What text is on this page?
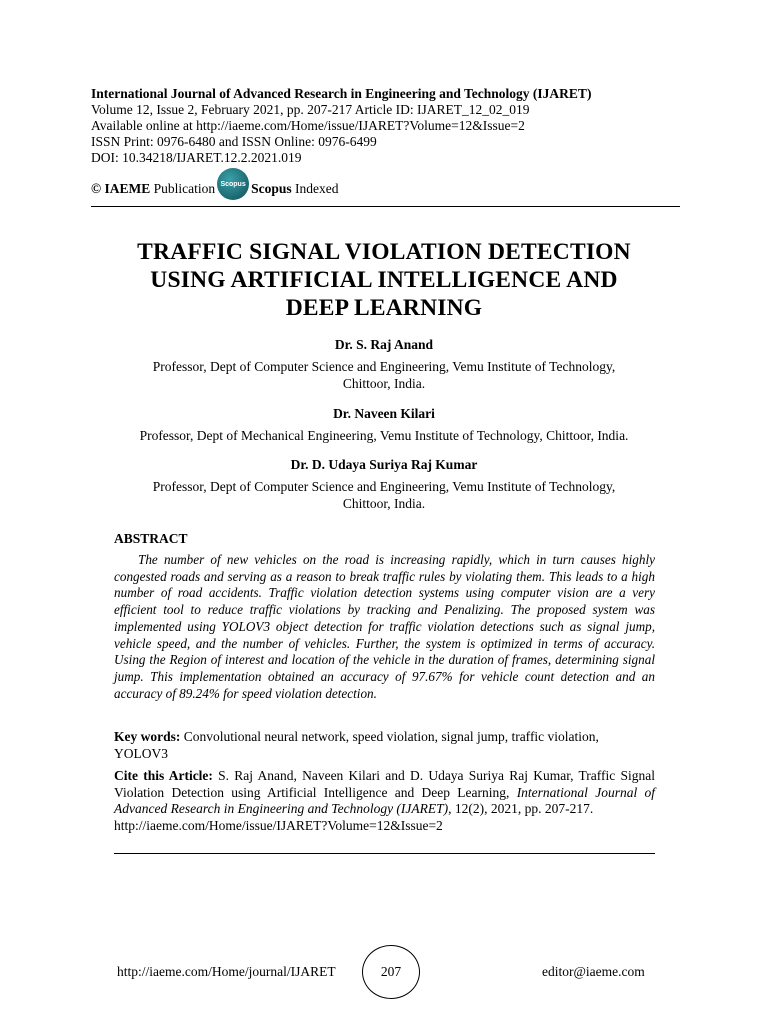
International Journal of Advanced Research in Engineering and Technology (IJARET)
Volume 12, Issue 2, February 2021, pp. 207-217 Article ID: IJARET_12_02_019
Available online at http://iaeme.com/Home/issue/IJARET?Volume=12&Issue=2
ISSN Print: 0976-6480 and ISSN Online: 0976-6499
DOI: 10.34218/IJARET.12.2.2021.019
© IAEME
Publication Scopus Scopus
Indexed
TRAFFIC SIGNAL VIOLATION DETECTION
USING ARTIFICIAL INTELLIGENCE AND
DEEP LEARNING
Dr. S. Raj Anand
Professor, Dept of Computer Science and Engineering, Vemu Institute of Technology,
Chittoor, India.
Dr. Naveen Kilari
Professor, Dept of Mechanical Engineering, Vemu Institute of Technology, Chittoor, India.
Dr. D. Udaya Suriya Raj Kumar
Professor, Dept of Computer Science and Engineering, Vemu Institute of Technology,
Chittoor, India.
ABSTRACT
The number of new vehicles on the road is increasing rapidly, which in turn causes highly congested roads and serving as a reason to break traffic rules by violating them. This leads to a high number of road accidents. Traffic violation detection systems using computer vision are a very efficient tool to reduce traffic violations by tracking and Penalizing. The proposed system was implemented using YOLOV3 object detection for traffic violation detections such as signal jump, vehicle speed, and the number of vehicles. Further, the system is optimized in terms of accuracy. Using the Region of interest and location of the vehicle in the duration of frames, determining signal jump. This implementation obtained an accuracy of 97.67% for vehicle count detection and an accuracy of 89.24% for speed violation detection.
Key words: Convolutional neural network, speed violation, signal jump, traffic violation, YOLOV3
Cite this Article: S. Raj Anand, Naveen Kilari and D. Udaya Suriya Raj Kumar, Traffic Signal Violation Detection using Artificial Intelligence and Deep Learning, International Journal of Advanced Research in Engineering and Technology (IJARET), 12(2), 2021, pp. 207-217.
http://iaeme.com/Home/issue/IJARET?Volume=12&Issue=2
http://iaeme.com/Home/journal/IJARET	207	editor@iaeme.com
